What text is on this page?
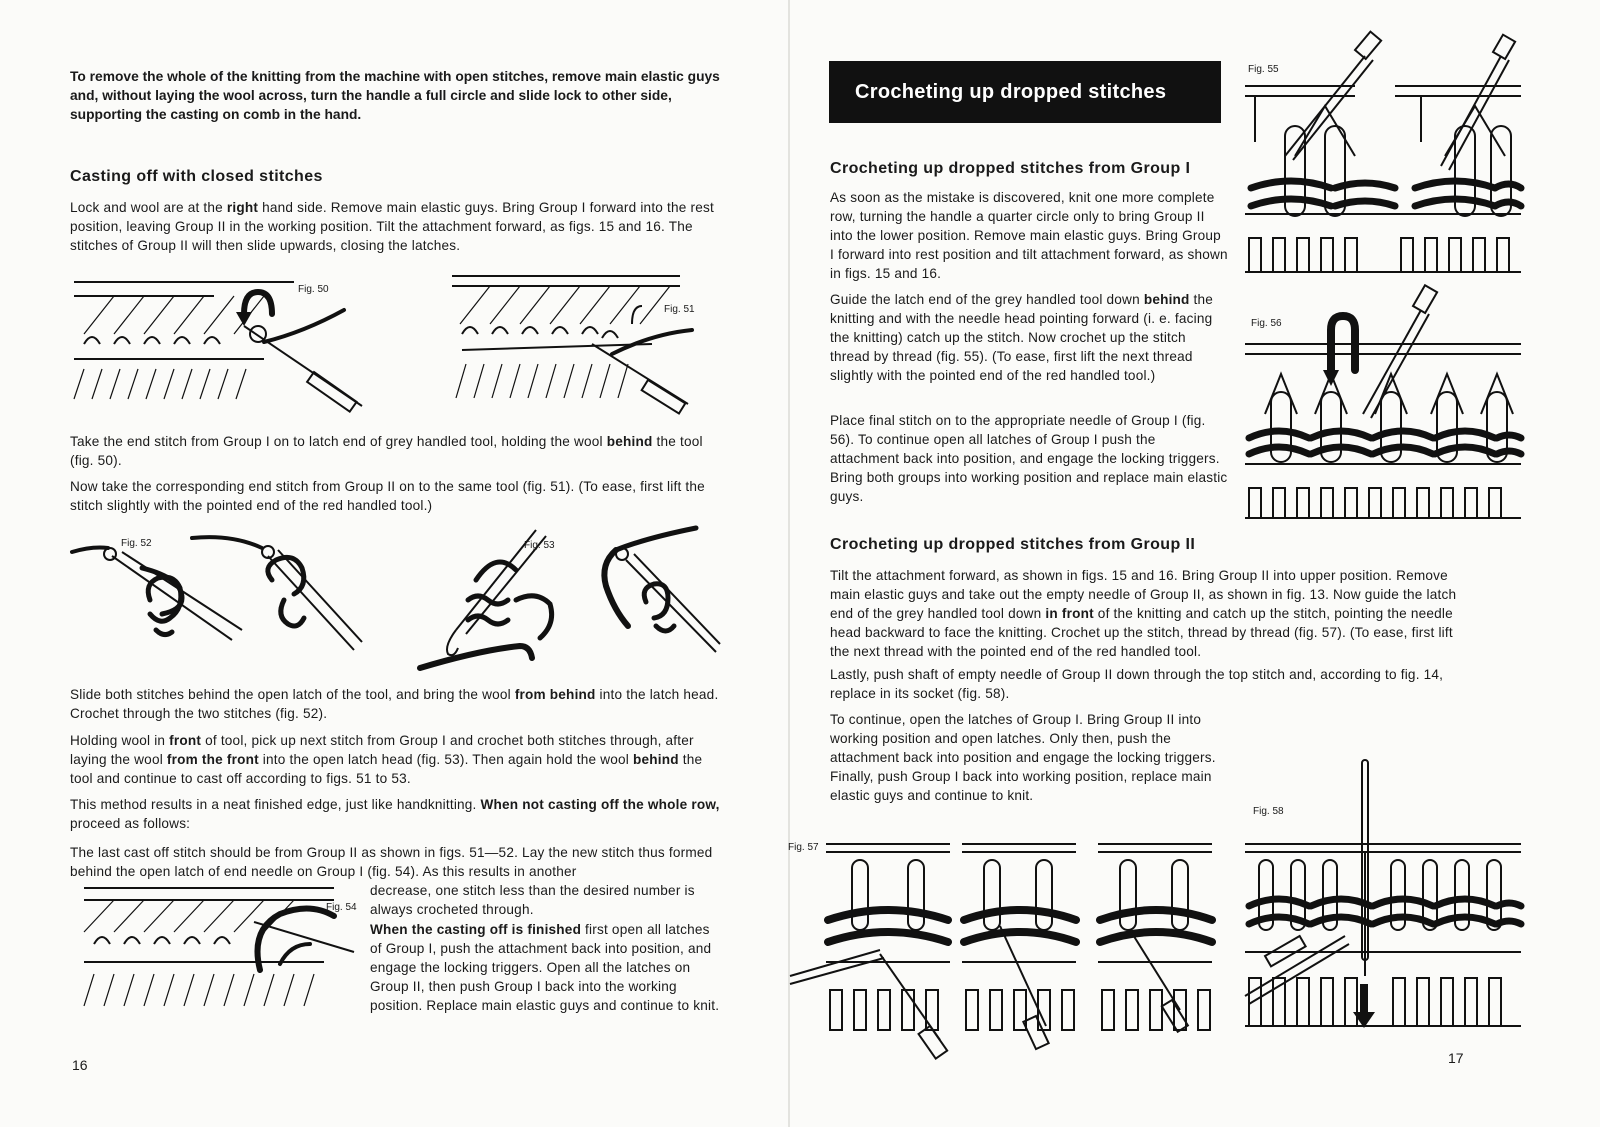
To remove the whole of the knitting from the machine with open stitches, remove main elastic guys and, without laying the wool across, turn the handle a full circle and slide lock to other side, supporting the casting on comb in the hand.

Casting off with closed stitches

Lock and wool are at the right hand side. Remove main elastic guys. Bring Group I forward into the rest position, leaving Group II in the working position. Tilt the attachment forward, as figs. 15 and 16. The stitches of Group II will then slide upwards, closing the latches.

Fig. 50
Fig. 51

Take the end stitch from Group I on to latch end of grey handled tool, holding the wool behind the tool (fig. 50).

Now take the corresponding end stitch from Group II on to the same tool (fig. 51). (To ease, first lift the stitch slightly with the pointed end of the red handled tool.)

Fig. 52	Fig. 53

Slide both stitches behind the open latch of the tool, and bring the wool from behind into the latch head. Crochet through the two stitches (fig. 52).

Holding wool in front of tool, pick up next stitch from Group I and crochet both stitches through, after laying the wool from the front into the open latch head (fig. 53). Then again hold the wool behind the tool and continue to cast off according to figs. 51 to 53.

This method results in a neat finished edge, just like handknitting. When not casting off the whole row, proceed as follows:

The last cast off stitch should be from Group II as shown in figs. 51—52. Lay the new stitch thus formed behind the open latch of end needle on Group I (fig. 54). As this results in another

decrease, one stitch less than the desired number is always crocheted through.

Fig. 54

When the casting off is finished first open all latches of Group I, push the attachment back into position, and engage the locking triggers. Open all the latches on Group II, then push Group I back into the working position. Replace main elastic guys and continue to knit.

16
Crocheting up dropped stitches
Crocheting up dropped stitches from Group I

As soon as the mistake is discovered, knit one more complete row, turning the handle a quarter circle only to bring Group II into the lower position. Remove main elastic guys. Bring Group I forward into rest position and tilt attachment forward, as shown in figs. 15 and 16.

Guide the latch end of the grey handled tool down behind the knitting and with the needle head pointing forward (i. e. facing the knitting) catch up the stitch. Now crochet up the stitch thread by thread (fig. 55). (To ease, first lift the next thread slightly with the pointed end of the red handled tool.)

Place final stitch on to the appropriate needle of Group I (fig. 56). To continue open all latches of Group I push the attachment back into position, and engage the locking triggers. Bring both groups into working position and replace main elastic guys.

Fig. 55
Fig. 56
Crocheting up dropped stitches from Group II

Tilt the attachment forward, as shown in figs. 15 and 16. Bring Group II into upper position. Remove main elastic guys and take out the empty needle of Group II, as shown in fig. 13. Now guide the latch end of the grey handled tool down in front of the knitting and catch up the stitch, pointing the needle head backward to face the knitting. Crochet up the stitch, thread by thread (fig. 57). (To ease, first lift the next thread with the pointed end of the red handled tool.

Lastly, push shaft of empty needle of Group II down through the top stitch and, according to fig. 14, replace in its socket (fig. 58).

To continue, open the latches of Group I. Bring Group II into working position and open latches. Only then, push the attachment back into position and engage the locking triggers. Finally, push Group I back into working position, replace main elastic guys and continue to knit.

Fig. 57
Fig. 58
17
